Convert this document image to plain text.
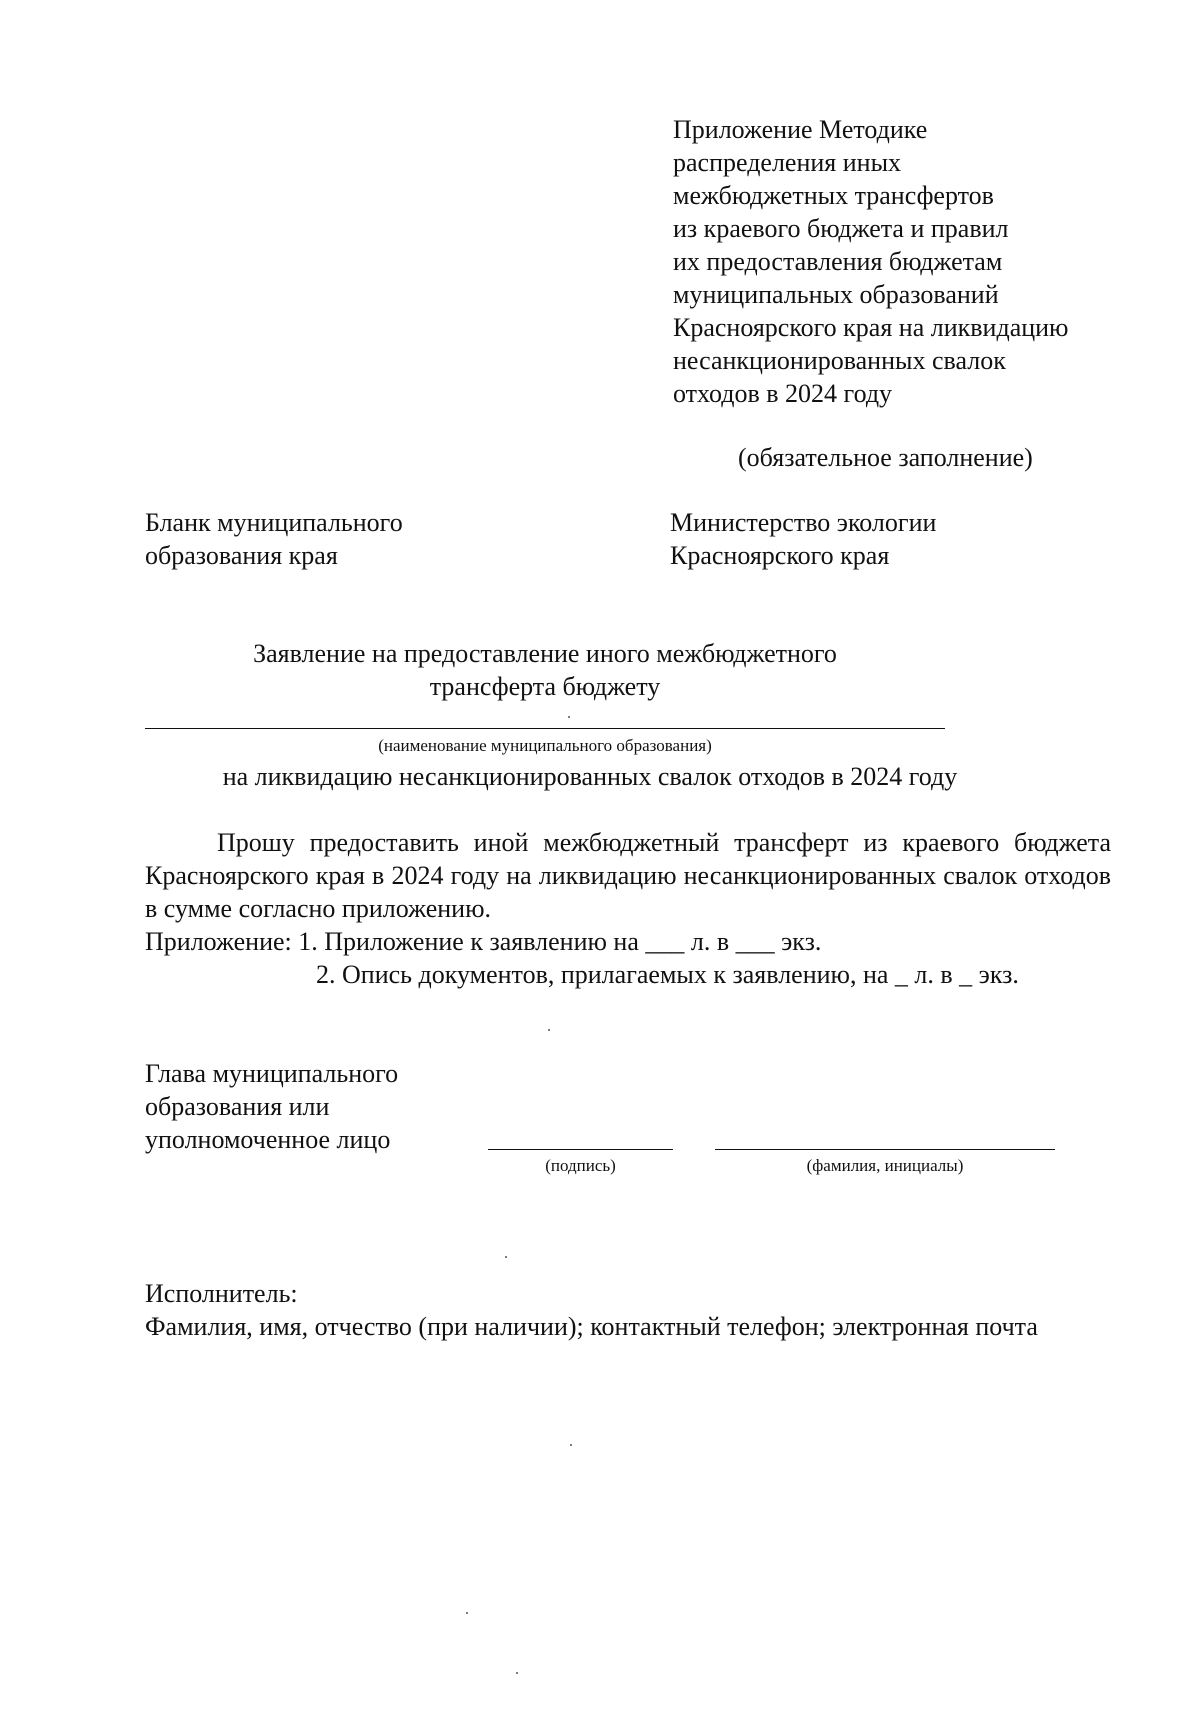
Приложение Методике
распределения иных
межбюджетных трансфертов
из краевого бюджета и правил
их предоставления бюджетам
муниципальных образований
Красноярского края на ликвидацию
несанкционированных свалок
отходов в 2024 году
(обязательное заполнение)
Бланк муниципального
образования края
Министерство экологии
Красноярского края
Заявление на предоставление иного межбюджетного
трансферта бюджету
(наименование муниципального образования)
на ликвидацию несанкционированных свалок отходов в 2024 году

Прошу предоставить иной межбюджетный трансферт из краевого бюджета Красноярского края в 2024 году на ликвидацию несанкционированных свалок отходов в сумме согласно приложению.

Приложение: 1. Приложение к заявлению на ___ л. в ___ экз.
2. Опись документов, прилагаемых к заявлению, на _ л. в _ экз.
Глава муниципального
образования или
уполномоченное лицо
(подпись)	(фамилия, инициалы)
Исполнитель:
Фамилия, имя, отчество (при наличии); контактный телефон; электронная почта
